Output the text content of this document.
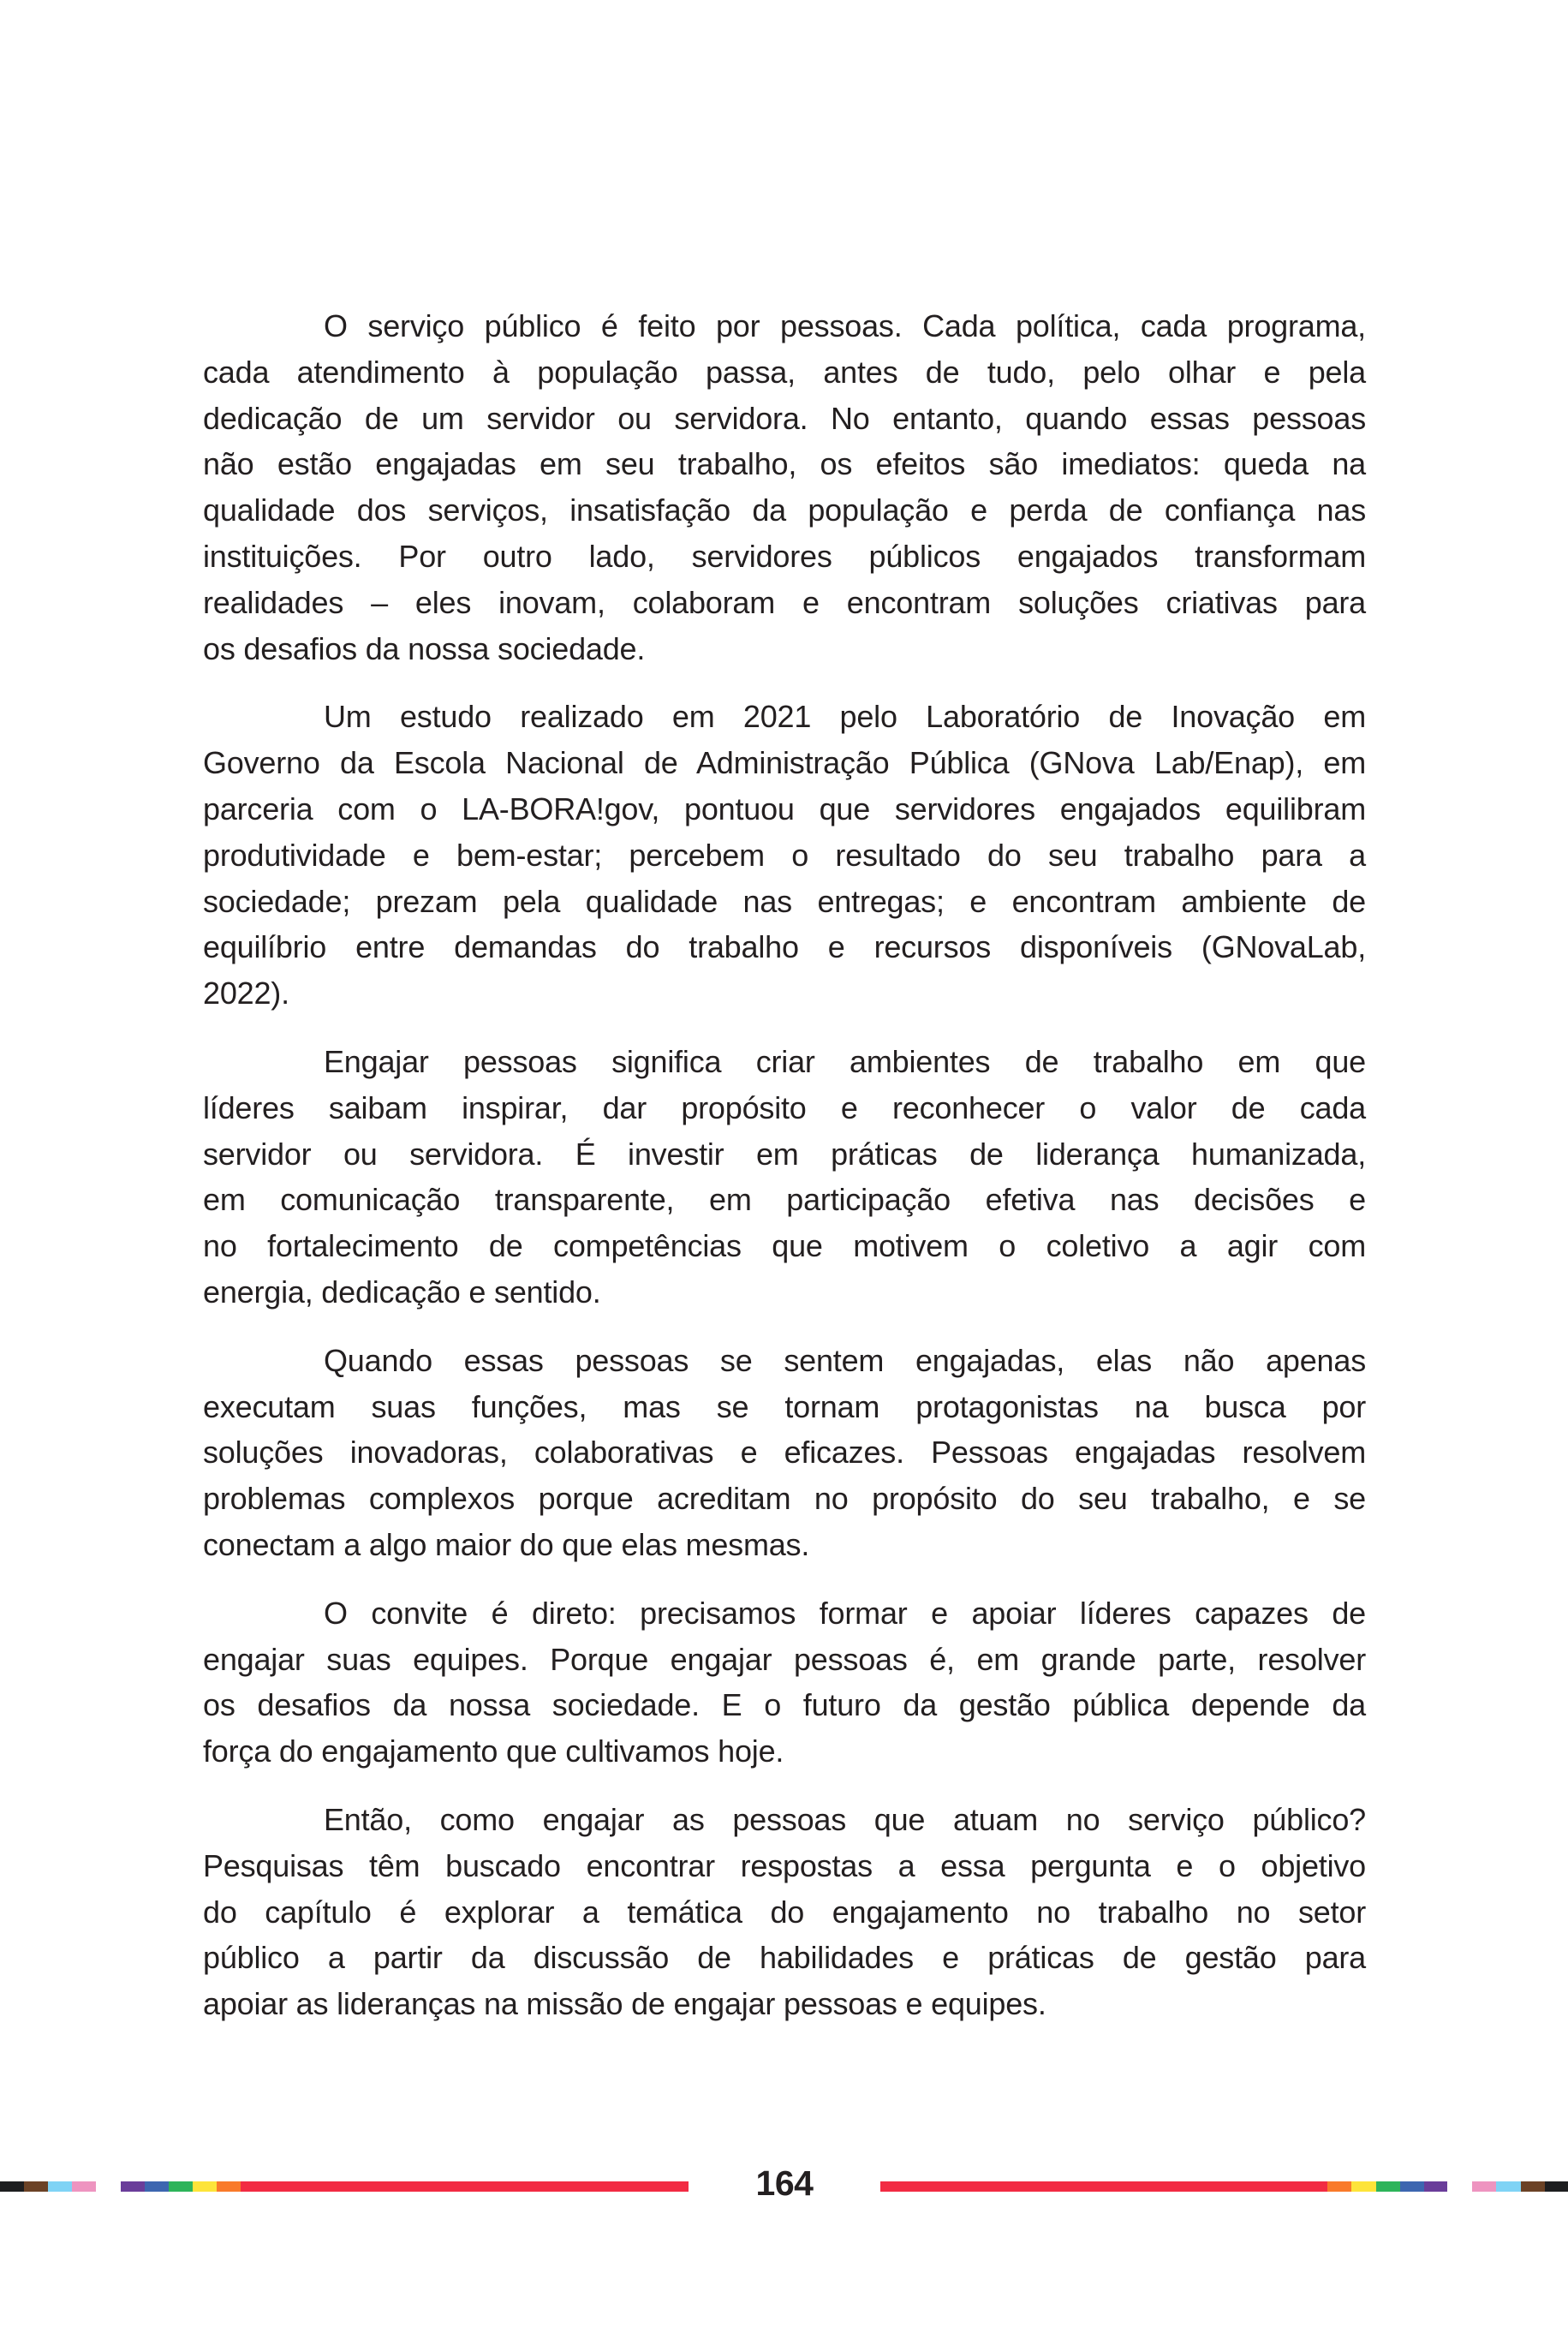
O serviço público é feito por pessoas. Cada política, cada programa,
cada atendimento à população passa, antes de tudo, pelo olhar e pela
dedicação de um servidor ou servidora. No entanto, quando essas pessoas
não estão engajadas em seu trabalho, os efeitos são imediatos: queda na
qualidade dos serviços, insatisfação da população e perda de confiança nas
instituições. Por outro lado, servidores públicos engajados transformam
realidades – eles inovam, colaboram e encontram soluções criativas para
os desafios da nossa sociedade.

Um estudo realizado em 2021 pelo Laboratório de Inovação em
Governo da Escola Nacional de Administração Pública (GNova Lab/Enap), em
parceria com o LA-BORA!gov, pontuou que servidores engajados equilibram
produtividade e bem-estar; percebem o resultado do seu trabalho para a
sociedade; prezam pela qualidade nas entregas; e encontram ambiente de
equilíbrio entre demandas do trabalho e recursos disponíveis (GNovaLab,
2022).

Engajar pessoas significa criar ambientes de trabalho em que
líderes saibam inspirar, dar propósito e reconhecer o valor de cada
servidor ou servidora. É investir em práticas de liderança humanizada,
em comunicação transparente, em participação efetiva nas decisões e
no fortalecimento de competências que motivem o coletivo a agir com
energia, dedicação e sentido.

Quando essas pessoas se sentem engajadas, elas não apenas
executam suas funções, mas se tornam protagonistas na busca por
soluções inovadoras, colaborativas e eficazes. Pessoas engajadas resolvem
problemas complexos porque acreditam no propósito do seu trabalho, e se
conectam a algo maior do que elas mesmas.

O convite é direto: precisamos formar e apoiar líderes capazes de
engajar suas equipes. Porque engajar pessoas é, em grande parte, resolver
os desafios da nossa sociedade. E o futuro da gestão pública depende da
força do engajamento que cultivamos hoje.

Então, como engajar as pessoas que atuam no serviço público?
Pesquisas têm buscado encontrar respostas a essa pergunta e o objetivo
do capítulo é explorar a temática do engajamento no trabalho no setor
público a partir da discussão de habilidades e práticas de gestão para
apoiar as lideranças na missão de engajar pessoas e equipes.

164
